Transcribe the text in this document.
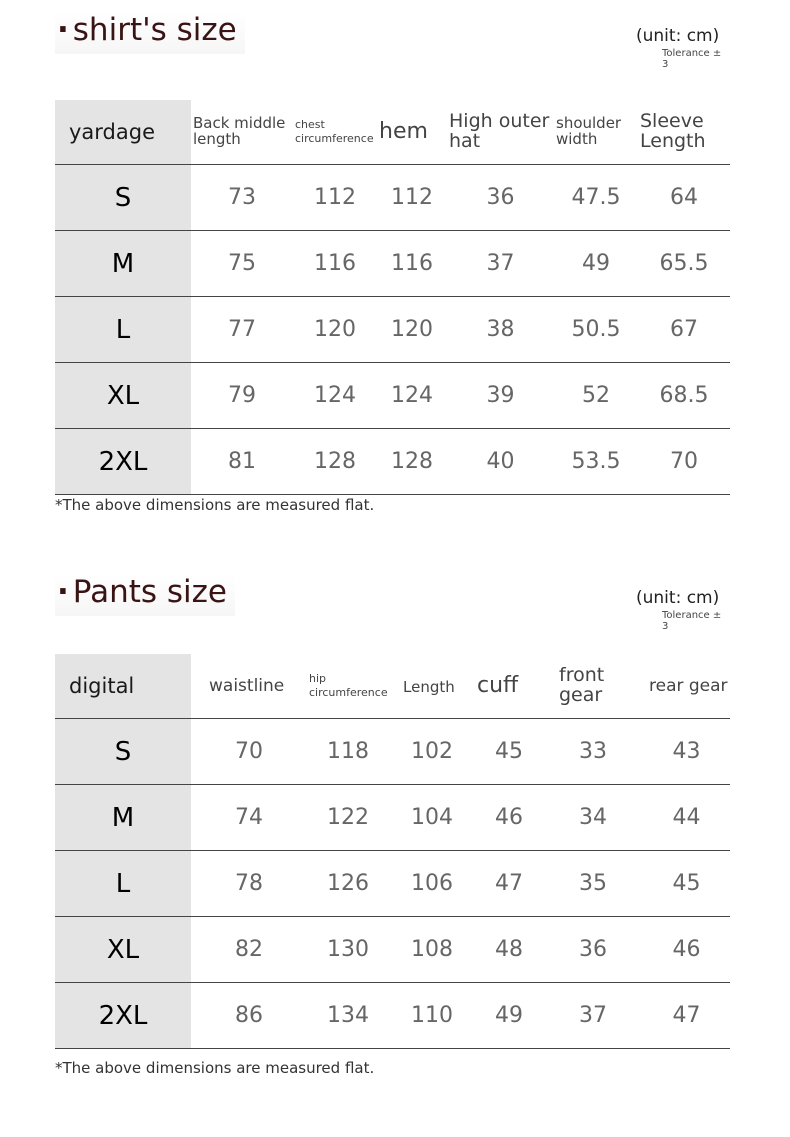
· shirt's size	(unit: cm)
Tolerance ± 3
yardage	Back middle length	chest circumference	hem	High outer hat	shoulder width	Sleeve Length
S	73	112	112	36	47.5	64
M	75	116	116	37	49	65.5
L	77	120	120	38	50.5	67
XL	79	124	124	39	52	68.5
2XL	81	128	128	40	53.5	70
*The above dimensions are measured flat.
· Pants size	(unit: cm)
Tolerance ± 3
digital	waistline	hip circumference	Length	cuff	front gear	rear gear
S	70	118	102	45	33	43
M	74	122	104	46	34	44
L	78	126	106	47	35	45
XL	82	130	108	48	36	46
2XL	86	134	110	49	37	47
*The above dimensions are measured flat.
